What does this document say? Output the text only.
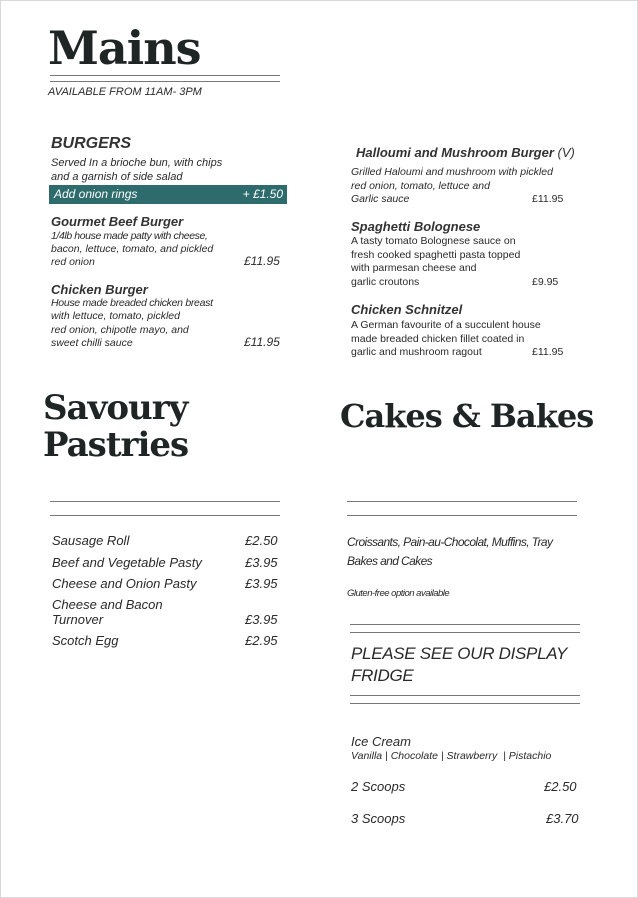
Mains
AVAILABLE FROM 11AM- 3PM
BURGERS
Served In a brioche bun, with chips
and a garnish of side salad
Add onion rings	+ £1.50
Gourmet Beef Burger
1/4lb house made patty with cheese,
bacon, lettuce, tomato, and pickled
red onion	£11.95
Chicken Burger
House made breaded chicken breast
with lettuce, tomato, pickled
red onion, chipotle mayo, and
sweet chilli sauce	£11.95
Halloumi and Mushroom Burger (V)
Grilled Haloumi and mushroom with pickled
red onion, tomato, lettuce and
Garlic sauce	£11.95
Spaghetti Bolognese
A tasty tomato Bolognese sauce on
fresh cooked spaghetti pasta topped
with parmesan cheese and
garlic croutons	£9.95
Chicken Schnitzel
A German favourite of a succulent house
made breaded chicken fillet coated in
garlic and mushroom ragout	£11.95
Savoury
Pastries
Sausage Roll	£2.50
Beef and Vegetable Pasty	£3.95
Cheese and Onion Pasty	£3.95
Cheese and Bacon
Turnover	£3.95
Scotch Egg	£2.95
Cakes & Bakes
Croissants, Pain-au-Chocolat, Muffins, Tray
Bakes and Cakes
Gluten-free option available
PLEASE SEE OUR DISPLAY
FRIDGE
Ice Cream
Vanilla | Chocolate | Strawberry  | Pistachio
2 Scoops	£2.50
3 Scoops	£3.70
